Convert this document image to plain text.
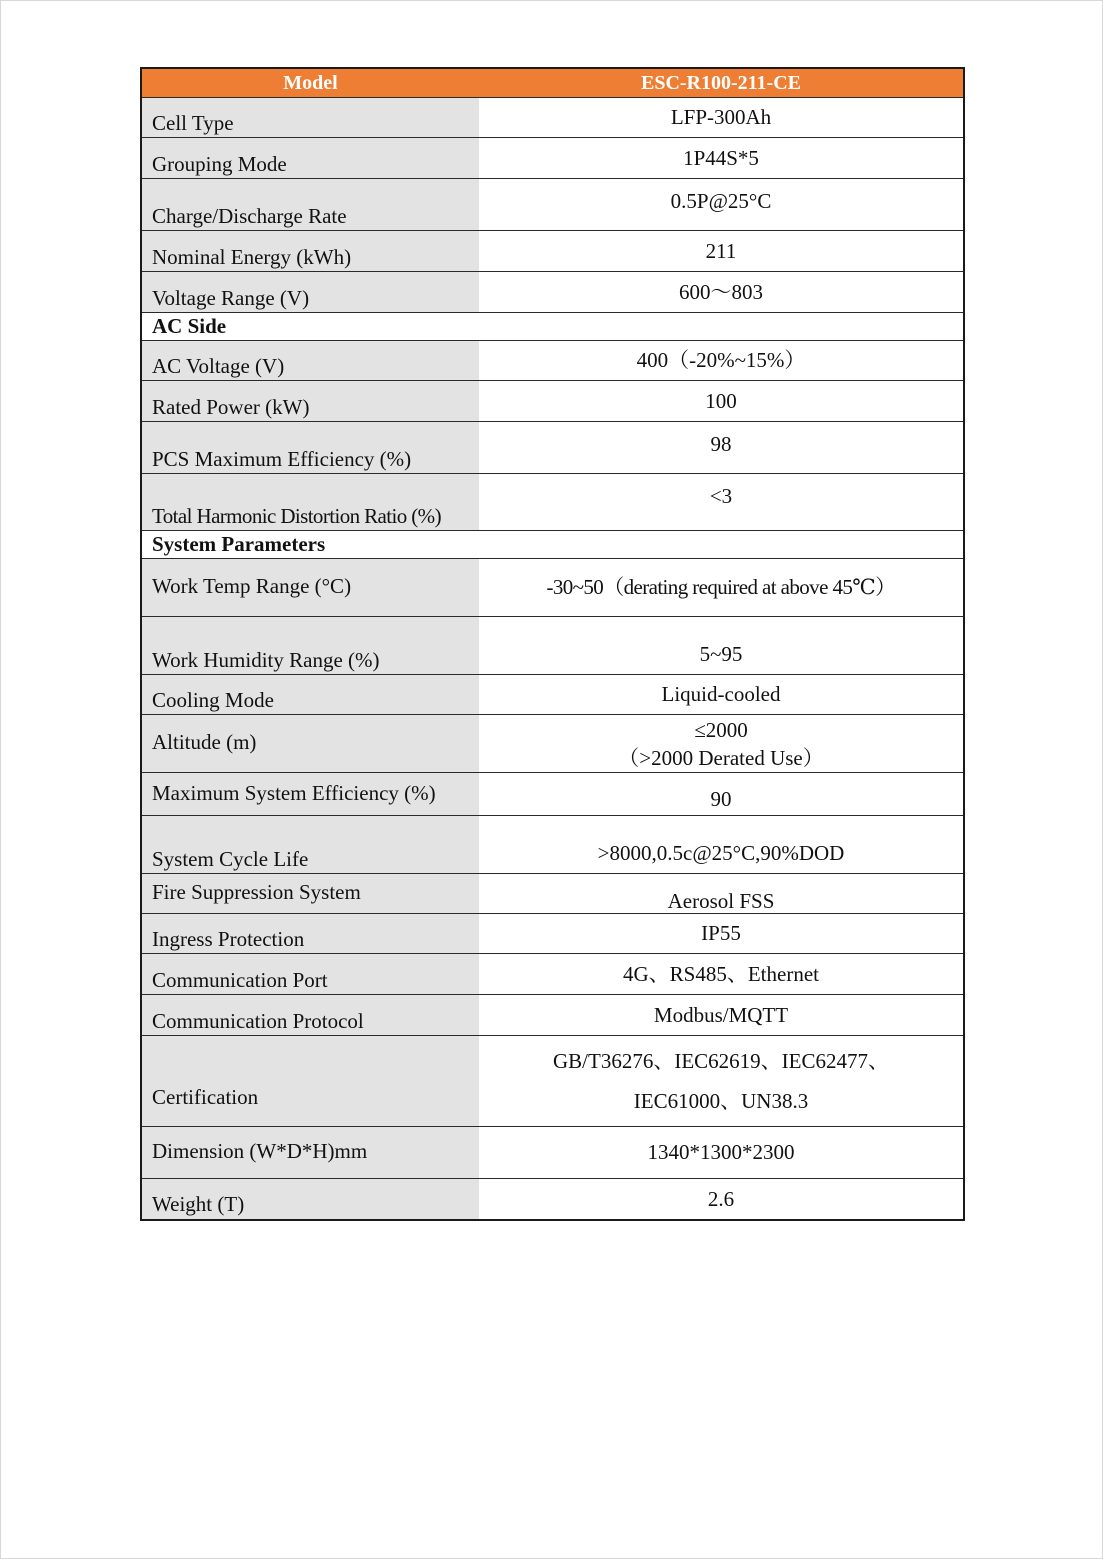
Model	ESC-R100-211-CE
Cell Type	LFP-300Ah
Grouping Mode	1P44S*5
Charge/Discharge Rate	0.5P@25°C
Nominal Energy (kWh)	211
Voltage Range (V)	600～803
AC Side	
AC Voltage (V)	400（-20%~15%）
Rated Power (kW)	100
PCS Maximum Efficiency (%)	98
Total Harmonic Distortion Ratio (%)	<3
System Parameters	
Work Temp Range (°C)	-30~50（derating required at above 45℃）
Work Humidity Range (%)	5~95
Cooling Mode	Liquid-cooled
Altitude (m)	≤2000
（>2000 Derated Use）

Maximum System Efficiency (%)	90
System Cycle Life	>8000,0.5c@25°C,90%DOD
Fire Suppression System	Aerosol FSS
Ingress Protection	IP55
Communication Port	4G、RS485、Ethernet
Communication Protocol	Modbus/MQTT
Certification	GB/T36276、IEC62619、IEC62477、
IEC61000、UN38.3

Dimension (W*D*H)mm	1340*1300*2300
Weight (T)	2.6
